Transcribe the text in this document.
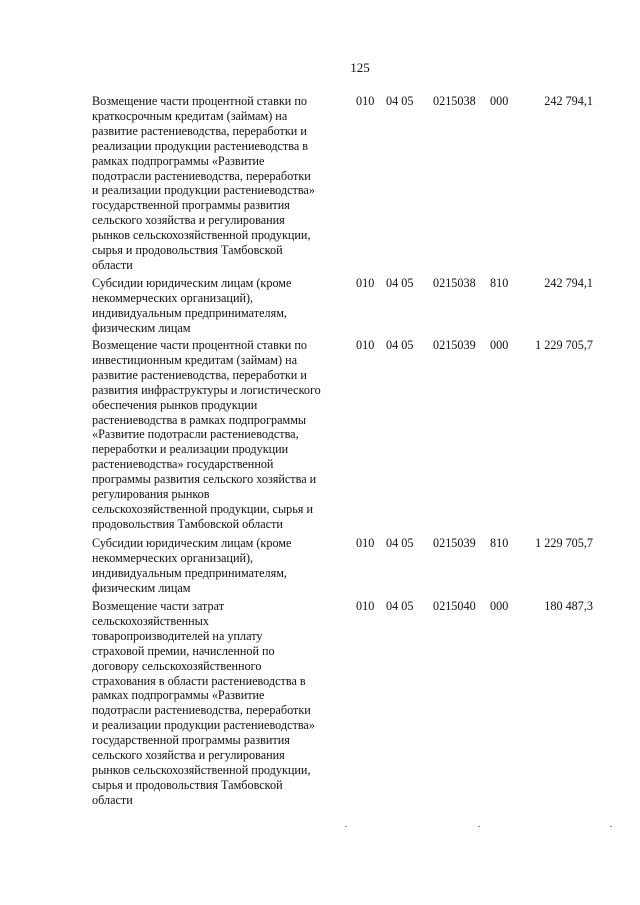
125
Возмещение части процентной ставки по
краткосрочным кредитам (займам) на
развитие растениеводства, переработки и
реализации продукции растениеводства в
рамках подпрограммы «Развитие
подотрасли растениеводства, переработки
и реализации продукции растениеводства»
государственной программы развития
сельского хозяйства и регулирования
рынков сельскохозяйственной продукции,
сырья и продовольствия Тамбовской
области
010 04 05 0215038 000	242 794,1
Субсидии юридическим лицам (кроме
некоммерческих организаций),
индивидуальным предпринимателям,
физическим лицам
010 04 05 0215038 810	242 794,1
Возмещение части процентной ставки по
инвестиционным кредитам (займам) на
развитие растениеводства, переработки и
развития инфраструктуры и логистического
обеспечения рынков продукции
растениеводства в рамках подпрограммы
«Развитие подотрасли растениеводства,
переработки и реализации продукции
растениеводства» государственной
программы развития сельского хозяйства и
регулирования рынков
сельскохозяйственной продукции, сырья и
продовольствия Тамбовской области
010 04 05 0215039 000 1 229 705,7
Субсидии юридическим лицам (кроме
некоммерческих организаций),
индивидуальным предпринимателям,
физическим лицам
010 04 05 0215039 810 1 229 705,7
Возмещение части затрат
сельскохозяйственных
товаропроизводителей на уплату
страховой премии, начисленной по
договору сельскохозяйственного
страхования в области растениеводства в
рамках подпрограммы «Развитие
подотрасли растениеводства, переработки
и реализации продукции растениеводства»
государственной программы развития
сельского хозяйства и регулирования
рынков сельскохозяйственной продукции,
сырья и продовольствия Тамбовской
области
010 04 05 0215040 000	180 487,3
